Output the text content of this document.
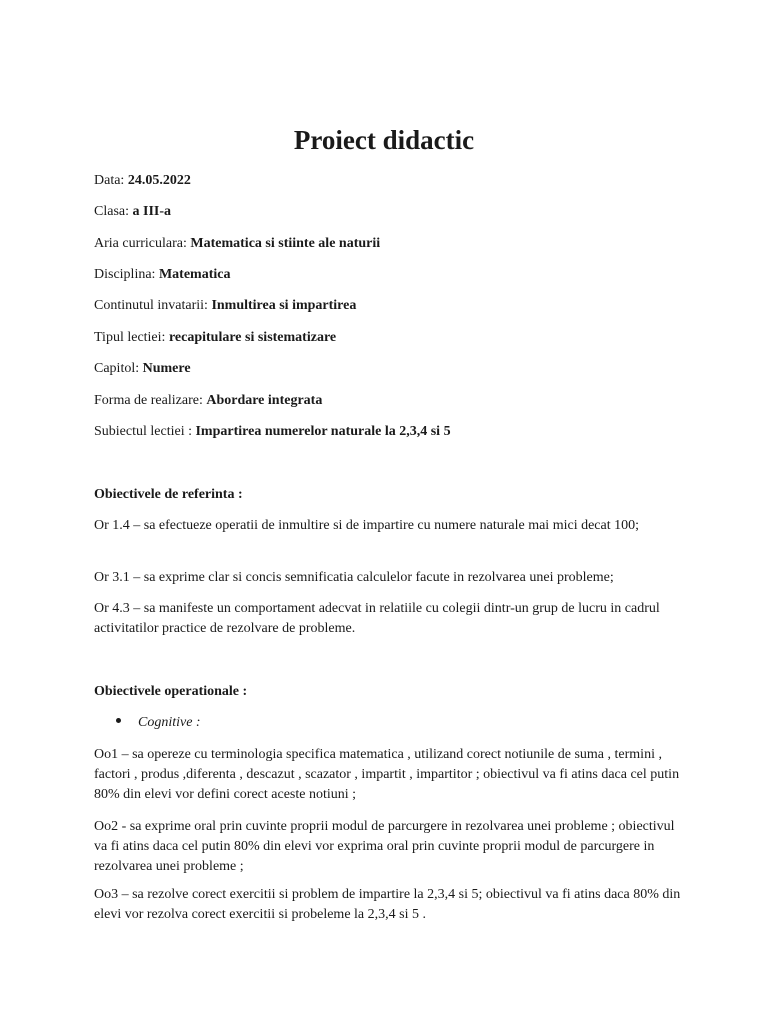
Proiect didactic
Data: 24.05.2022
Clasa: a III-a
Aria curriculara: Matematica si stiinte ale naturii
Disciplina: Matematica
Continutul invatarii: Inmultirea si impartirea
Tipul lectiei: recapitulare si sistematizare
Capitol: Numere
Forma de realizare: Abordare integrata
Subiectul lectiei : Impartirea numerelor naturale la 2,3,4 si 5
Obiectivele de referinta :

Or 1.4 – sa efectueze operatii de inmultire si de impartire cu numere naturale mai mici decat 100;

Or 3.1 – sa exprime clar si concis semnificatia calculelor facute in rezolvarea unei probleme;

Or 4.3 – sa manifeste un comportament adecvat in relatiile cu colegii dintr-un grup de lucru in cadrul activitatilor practice de rezolvare de probleme.

Obiectivele operationale :
Cognitive :

Oo1 – sa opereze cu terminologia specifica matematica , utilizand corect notiunile de suma , termini , factori , produs ,diferenta , descazut , scazator , impartit , impartitor ; obiectivul va fi atins daca cel putin 80% din elevi vor defini corect aceste notiuni ;

Oo2 - sa exprime oral prin cuvinte proprii modul de parcurgere in rezolvarea unei probleme ; obiectivul va fi atins daca cel putin 80% din elevi vor exprima oral prin cuvinte proprii modul de parcurgere in rezolvarea unei probleme ;

Oo3 – sa rezolve corect exercitii si problem de impartire la 2,3,4 si 5; obiectivul va fi atins daca 80% din elevi vor rezolva corect exercitii si probeleme la 2,3,4 si 5 .
